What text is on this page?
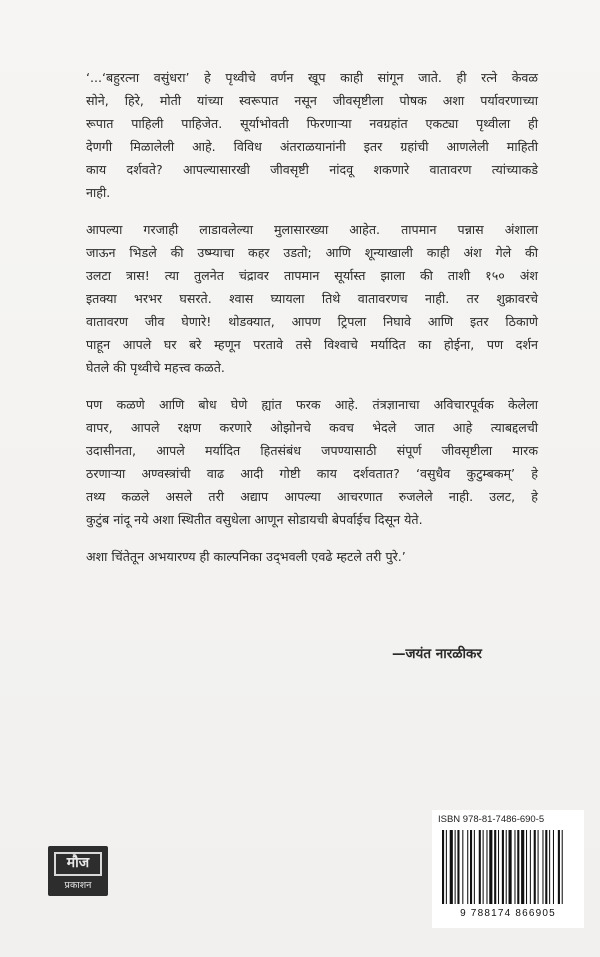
‘...‘बहुरत्ना वसुंधरा’ हे पृथ्वीचे वर्णन खूप काही सांगून जाते. ही रत्ने केवळ
सोने, हिरे, मोती यांच्या स्वरूपात नसून जीवसृष्टीला पोषक अशा पर्यावरणाच्या
रूपात पाहिली पाहिजेत. सूर्याभोवती फिरणाऱ्या नवग्रहांत एकट्या पृथ्वीला ही
देणगी मिळालेली आहे. विविध अंतराळयानांनी इतर ग्रहांची आणलेली माहिती
काय दर्शवते? आपल्यासारखी जीवसृष्टी नांदवू शकणारे वातावरण त्यांच्याकडे
नाही.

आपल्या गरजाही लाडावलेल्या मुलासारख्या आहेत. तापमान पन्नास अंशाला
जाऊन भिडले की उष्म्याचा कहर उडतो; आणि शून्याखाली काही अंश गेले की
उलटा त्रास! त्या तुलनेत चंद्रावर तापमान सूर्यास्त झाला की ताशी १५० अंश
इतक्या भरभर घसरते. श्वास घ्यायला तिथे वातावरणच नाही. तर शुक्रावरचे
वातावरण जीव घेणारे! थोडक्यात, आपण ट्रिपला निघावे आणि इतर ठिकाणे
पाहून आपले घर बरे म्हणून परतावे तसे विश्वाचे मर्यादित का होईना, पण दर्शन
घेतले की पृथ्वीचे महत्त्व कळते.

पण कळणे आणि बोध घेणे ह्यांत फरक आहे. तंत्रज्ञानाचा अविचारपूर्वक केलेला
वापर, आपले रक्षण करणारे ओझोनचे कवच भेदले जात आहे त्याबद्दलची
उदासीनता, आपले मर्यादित हितसंबंध जपण्यासाठी संपूर्ण जीवसृष्टीला मारक
ठरणाऱ्या अण्वस्त्रांची वाढ आदी गोष्टी काय दर्शवतात? ‘वसुधैव कुटुम्बकम्’ हे
तथ्य कळले असले तरी अद्याप आपल्या आचरणात रुजलेले नाही. उलट, हे
कुटुंब नांदू नये अशा स्थितीत वसुधेला आणून सोडायची बेपर्वाईच दिसून येते.

अशा चिंतेतून अभयारण्य ही काल्पनिका उद्‌भवली एवढे म्हटले तरी पुरे.’

—जयंत नारळीकर
मौज
प्रकाशन
ISBN 978-81-7486-690-5
9 788174 866905
